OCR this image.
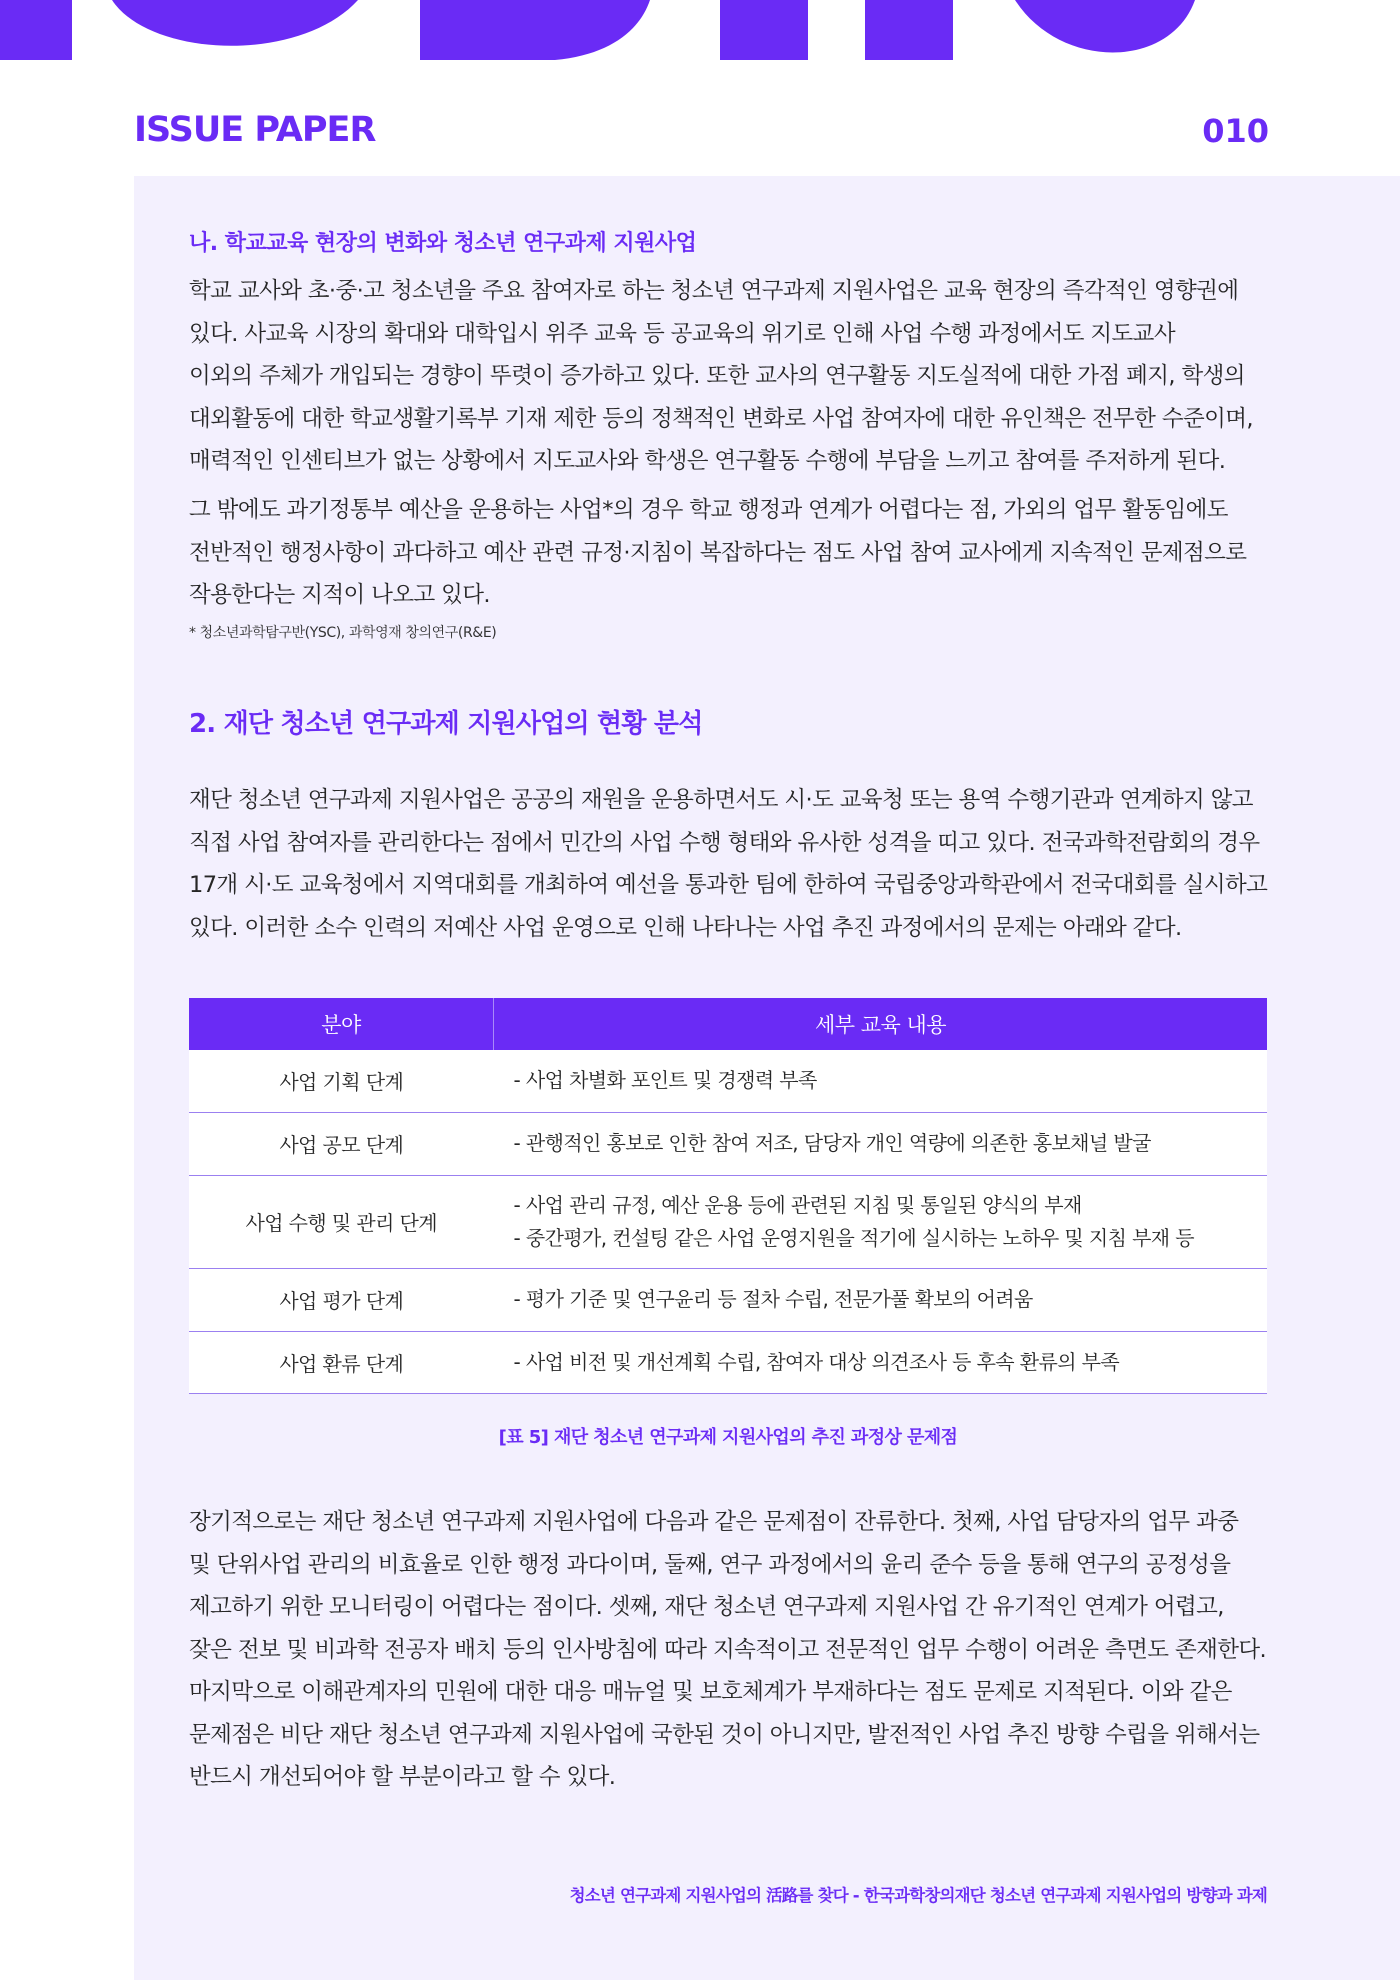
ISSUE PAPER	010
나. 학교교육 현장의 변화와 청소년 연구과제 지원사업
학교 교사와 초·중·고 청소년을 주요 참여자로 하는 청소년 연구과제 지원사업은 교육 현장의 즉각적인 영향권에
있다. 사교육 시장의 확대와 대학입시 위주 교육 등 공교육의 위기로 인해 사업 수행 과정에서도 지도교사
이외의 주체가 개입되는 경향이 뚜렷이 증가하고 있다. 또한 교사의 연구활동 지도실적에 대한 가점 폐지, 학생의
대외활동에 대한 학교생활기록부 기재 제한 등의 정책적인 변화로 사업 참여자에 대한 유인책은 전무한 수준이며,
매력적인 인센티브가 없는 상황에서 지도교사와 학생은 연구활동 수행에 부담을 느끼고 참여를 주저하게 된다.
그 밖에도 과기정통부 예산을 운용하는 사업*의 경우 학교 행정과 연계가 어렵다는 점, 가외의 업무 활동임에도
전반적인 행정사항이 과다하고 예산 관련 규정·지침이 복잡하다는 점도 사업 참여 교사에게 지속적인 문제점으로
작용한다는 지적이 나오고 있다.
* 청소년과학탐구반(YSC), 과학영재 창의연구(R&E)
2. 재단 청소년 연구과제 지원사업의 현황 분석
재단 청소년 연구과제 지원사업은 공공의 재원을 운용하면서도 시·도 교육청 또는 용역 수행기관과 연계하지 않고
직접 사업 참여자를 관리한다는 점에서 민간의 사업 수행 형태와 유사한 성격을 띠고 있다. 전국과학전람회의 경우
17개 시·도 교육청에서 지역대회를 개최하여 예선을 통과한 팀에 한하여 국립중앙과학관에서 전국대회를 실시하고
있다. 이러한 소수 인력의 저예산 사업 운영으로 인해 나타나는 사업 추진 과정에서의 문제는 아래와 같다.
분야	세부 교육 내용
사업 기획 단계	- 사업 차별화 포인트 및 경쟁력 부족

사업 공모 단계	- 관행적인 홍보로 인한 참여 저조, 담당자 개인 역량에 의존한 홍보채널 발굴

사업 수행 및 관리 단계	- 사업 관리 규정, 예산 운용 등에 관련된 지침 및 통일된 양식의 부재
- 중간평가, 컨설팅 같은 사업 운영지원을 적기에 실시하는 노하우 및 지침 부재 등

사업 평가 단계	- 평가 기준 및 연구윤리 등 절차 수립, 전문가풀 확보의 어려움

사업 환류 단계	- 사업 비전 및 개선계획 수립, 참여자 대상 의견조사 등 후속 환류의 부족
[표 5] 재단 청소년 연구과제 지원사업의 추진 과정상 문제점
장기적으로는 재단 청소년 연구과제 지원사업에 다음과 같은 문제점이 잔류한다. 첫째, 사업 담당자의 업무 과중
및 단위사업 관리의 비효율로 인한 행정 과다이며, 둘째, 연구 과정에서의 윤리 준수 등을 통해 연구의 공정성을
제고하기 위한 모니터링이 어렵다는 점이다. 셋째, 재단 청소년 연구과제 지원사업 간 유기적인 연계가 어렵고,
잦은 전보 및 비과학 전공자 배치 등의 인사방침에 따라 지속적이고 전문적인 업무 수행이 어려운 측면도 존재한다.
마지막으로 이해관계자의 민원에 대한 대응 매뉴얼 및 보호체계가 부재하다는 점도 문제로 지적된다. 이와 같은
문제점은 비단 재단 청소년 연구과제 지원사업에 국한된 것이 아니지만, 발전적인 사업 추진 방향 수립을 위해서는
반드시 개선되어야 할 부분이라고 할 수 있다.
청소년 연구과제 지원사업의 活路를 찾다 - 한국과학창의재단 청소년 연구과제 지원사업의 방향과 과제
